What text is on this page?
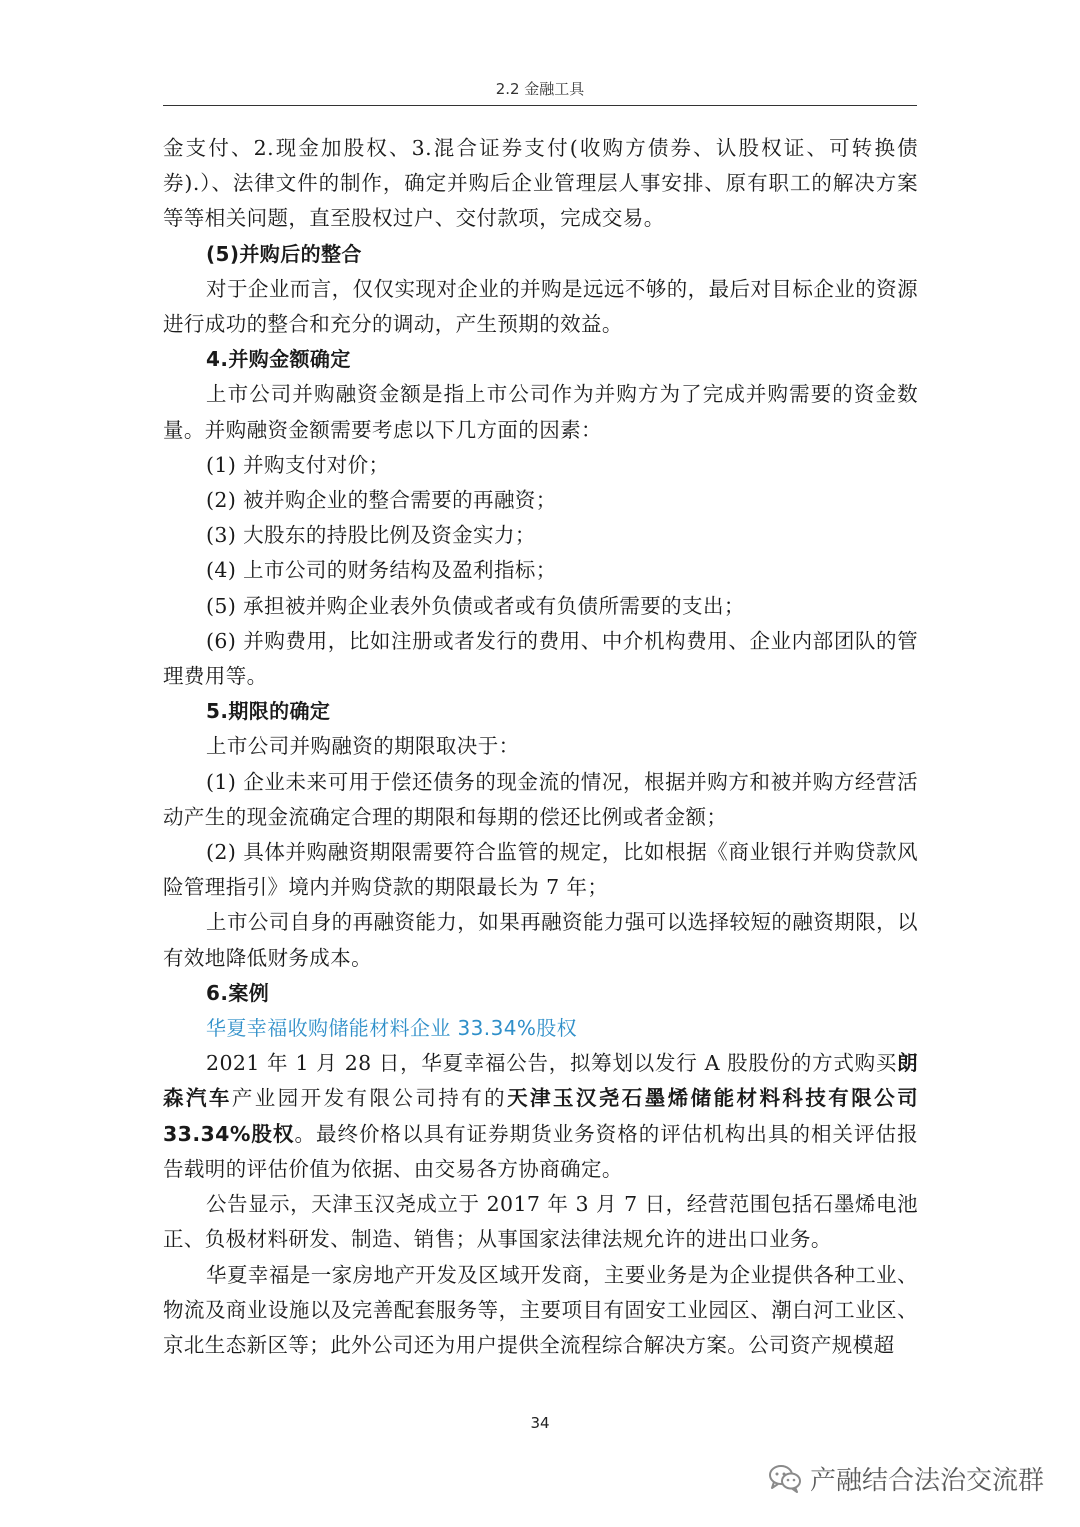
2.2 金融工具

金支付、2.现金加股权、3.混合证券支付(收购方债券、认股权证、可转换债券).）、法律文件的制作，确定并购后企业管理层人事安排、原有职工的解决方案等等相关问题，直至股权过户、交付款项，完成交易。

(5)并购后的整合

对于企业而言，仅仅实现对企业的并购是远远不够的，最后对目标企业的资源进行成功的整合和充分的调动，产生预期的效益。

4.并购金额确定

上市公司并购融资金额是指上市公司作为并购方为了完成并购需要的资金数量。并购融资金额需要考虑以下几方面的因素：

(1) 并购支付对价；

(2) 被并购企业的整合需要的再融资；

(3) 大股东的持股比例及资金实力；

(4) 上市公司的财务结构及盈利指标；

(5) 承担被并购企业表外负债或者或有负债所需要的支出；

(6) 并购费用，比如注册或者发行的费用、中介机构费用、企业内部团队的管理费用等。

5.期限的确定

上市公司并购融资的期限取决于：

(1) 企业未来可用于偿还债务的现金流的情况，根据并购方和被并购方经营活动产生的现金流确定合理的期限和每期的偿还比例或者金额；

(2) 具体并购融资期限需要符合监管的规定，比如根据《商业银行并购贷款风险管理指引》境内并购贷款的期限最长为 7 年；

上市公司自身的再融资能力，如果再融资能力强可以选择较短的融资期限，以有效地降低财务成本。

6.案例

华夏幸福收购储能材料企业 33.34%股权

2021 年 1 月 28 日，华夏幸福公告，拟筹划以发行 A 股股份的方式购买朗森汽车产业园开发有限公司持有的天津玉汉尧石墨烯储能材料科技有限公司 33.34%股权。最终价格以具有证券期货业务资格的评估机构出具的相关评估报告载明的评估价值为依据、由交易各方协商确定。

公告显示，天津玉汉尧成立于 2017 年 3 月 7 日，经营范围包括石墨烯电池正、负极材料研发、制造、销售；从事国家法律法规允许的进出口业务。

华夏幸福是一家房地产开发及区域开发商，主要业务是为企业提供各种工业、物流及商业设施以及完善配套服务等，主要项目有固安工业园区、潮白河工业区、京北生态新区等；此外公司还为用户提供全流程综合解决方案。公司资产规模超

34
产融结合法治交流群
